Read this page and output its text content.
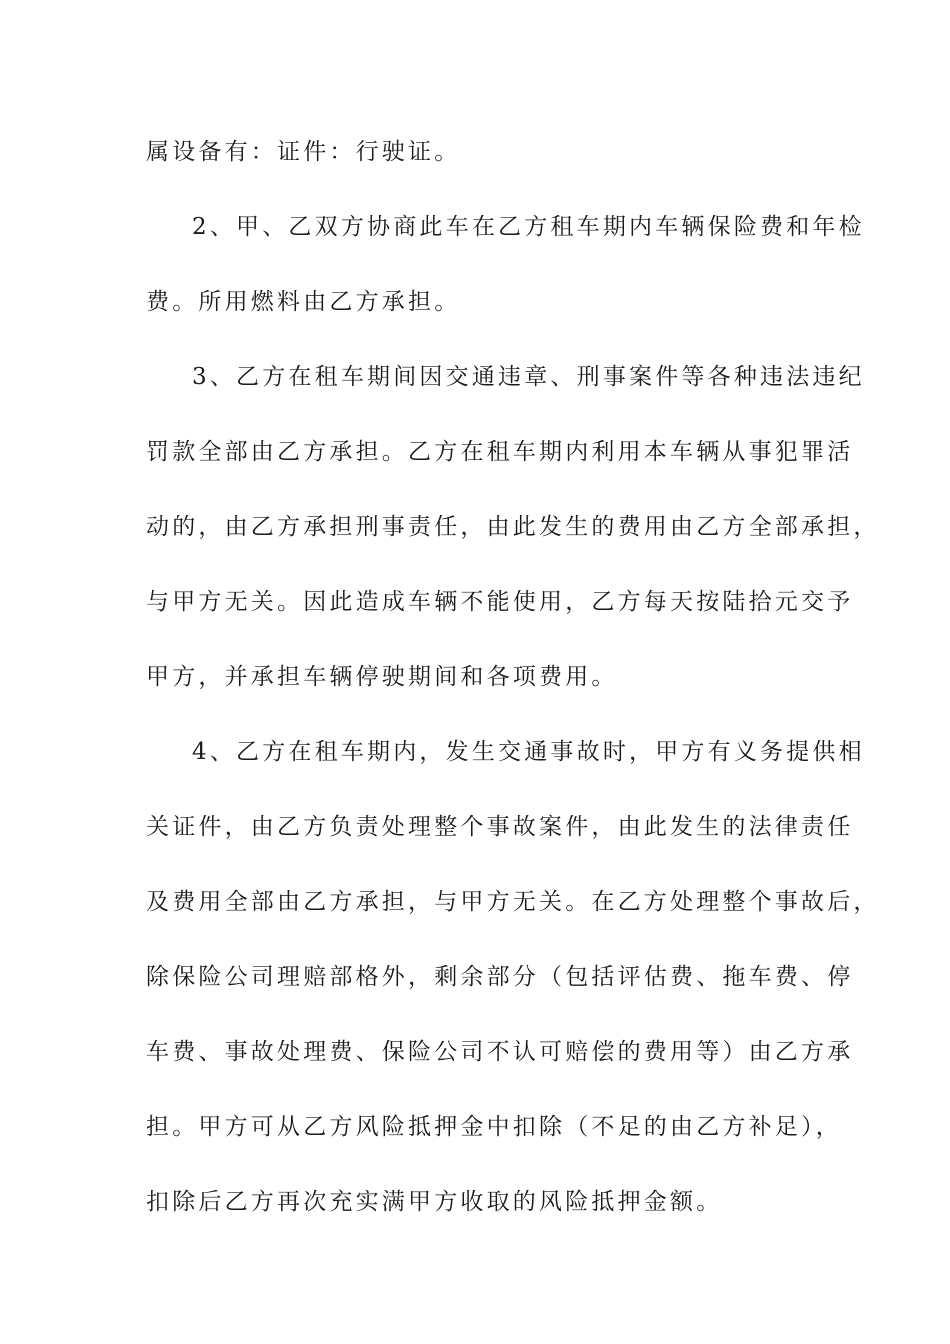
属设备有：证件：行驶证。
2、甲、乙双方协商此车在乙方租车期内车辆保险费和年检
费。所用燃料由乙方承担。
3、乙方在租车期间因交通违章、刑事案件等各种违法违纪
罚款全部由乙方承担。乙方在租车期内利用本车辆从事犯罪活
动的，由乙方承担刑事责任，由此发生的费用由乙方全部承担，
与甲方无关。因此造成车辆不能使用，乙方每天按陆拾元交予
甲方，并承担车辆停驶期间和各项费用。
4、乙方在租车期内，发生交通事故时，甲方有义务提供相
关证件，由乙方负责处理整个事故案件，由此发生的法律责任
及费用全部由乙方承担，与甲方无关。在乙方处理整个事故后，
除保险公司理赔部格外，剩余部分（包括评估费、拖车费、停
车费、事故处理费、保险公司不认可赔偿的费用等）由乙方承
担。甲方可从乙方风险抵押金中扣除（不足的由乙方补足），
扣除后乙方再次充实满甲方收取的风险抵押金额。
